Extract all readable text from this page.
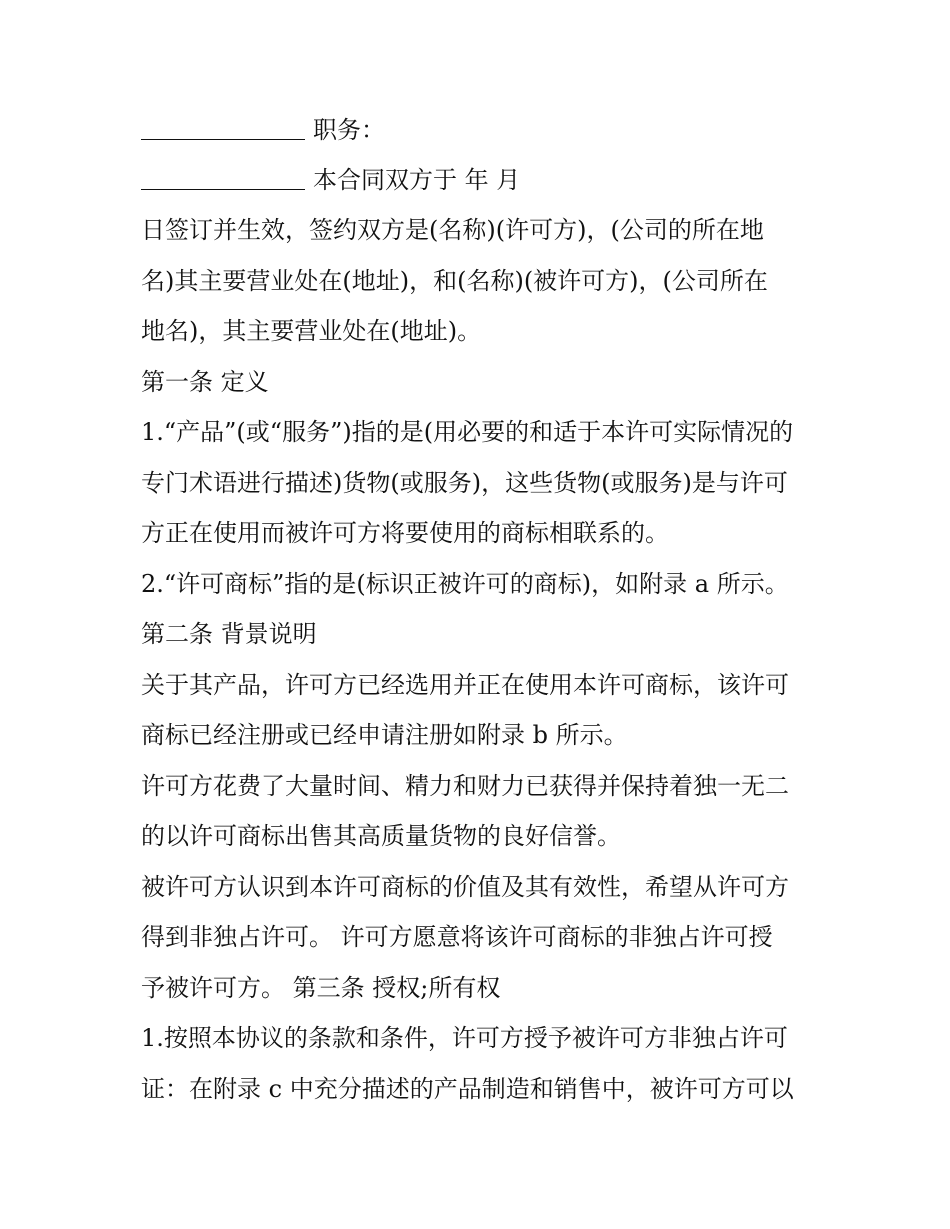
职务：
本合同双方于 年 月
日签订并生效，签约双方是(名称)(许可方)，(公司的所在地
名)其主要营业处在(地址)，和(名称)(被许可方)，(公司所在
地名)，其主要营业处在(地址)。
第一条 定义
1.“产品”(或“服务”)指的是(用必要的和适于本许可实际情况的
专门术语进行描述)货物(或服务)，这些货物(或服务)是与许可
方正在使用而被许可方将要使用的商标相联系的。
2.“许可商标”指的是(标识正被许可的商标)，如附录 a 所示。
第二条 背景说明
关于其产品，许可方已经选用并正在使用本许可商标，该许可
商标已经注册或已经申请注册如附录 b 所示。
许可方花费了大量时间、精力和财力已获得并保持着独一无二
的以许可商标出售其高质量货物的良好信誉。
被许可方认识到本许可商标的价值及其有效性，希望从许可方
得到非独占许可。 许可方愿意将该许可商标的非独占许可授
予被许可方。 第三条 授权;所有权
1.按照本协议的条款和条件，许可方授予被许可方非独占许可
证：在附录 c 中充分描述的产品制造和销售中，被许可方可以
